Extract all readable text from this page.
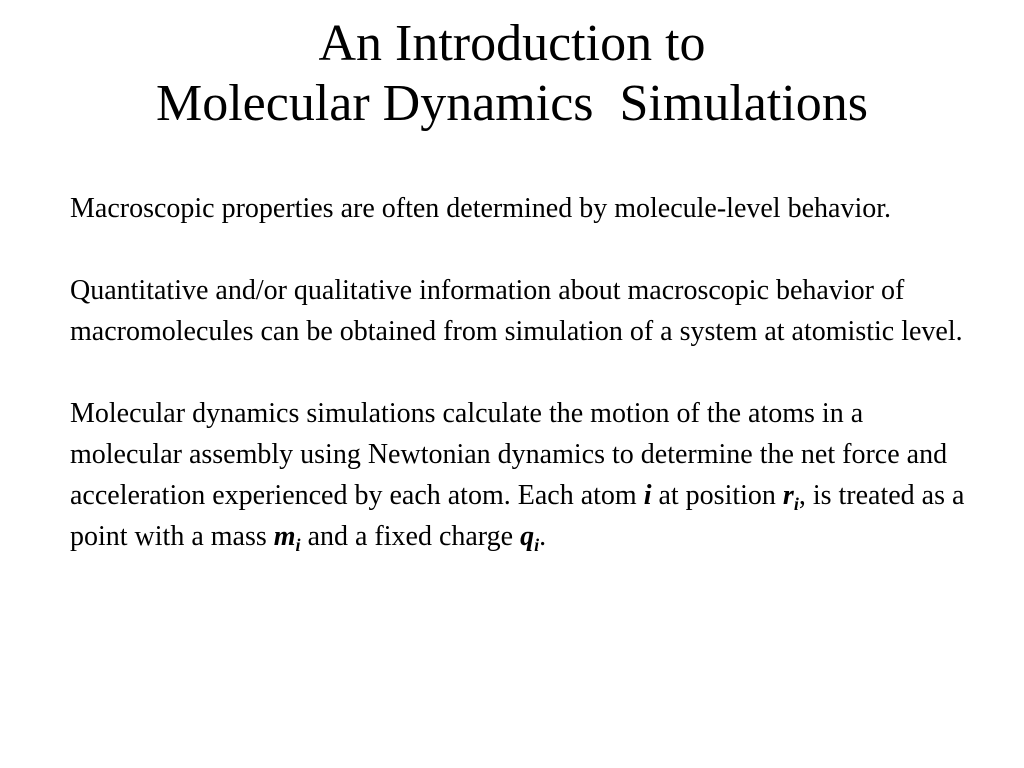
An Introduction to
Molecular Dynamics  Simulations

Macroscopic properties are often determined by molecule-level behavior.

Quantitative and/or qualitative information about macroscopic behavior of macromolecules can be obtained from simulation of a system at atomistic level.

Molecular dynamics simulations calculate the motion of the atoms in a molecular assembly using Newtonian dynamics to determine the net force and acceleration experienced by each atom. Each atom i at position $r_i$, is treated as a point with a mass $m_i$ and a fixed charge $q_i$.
